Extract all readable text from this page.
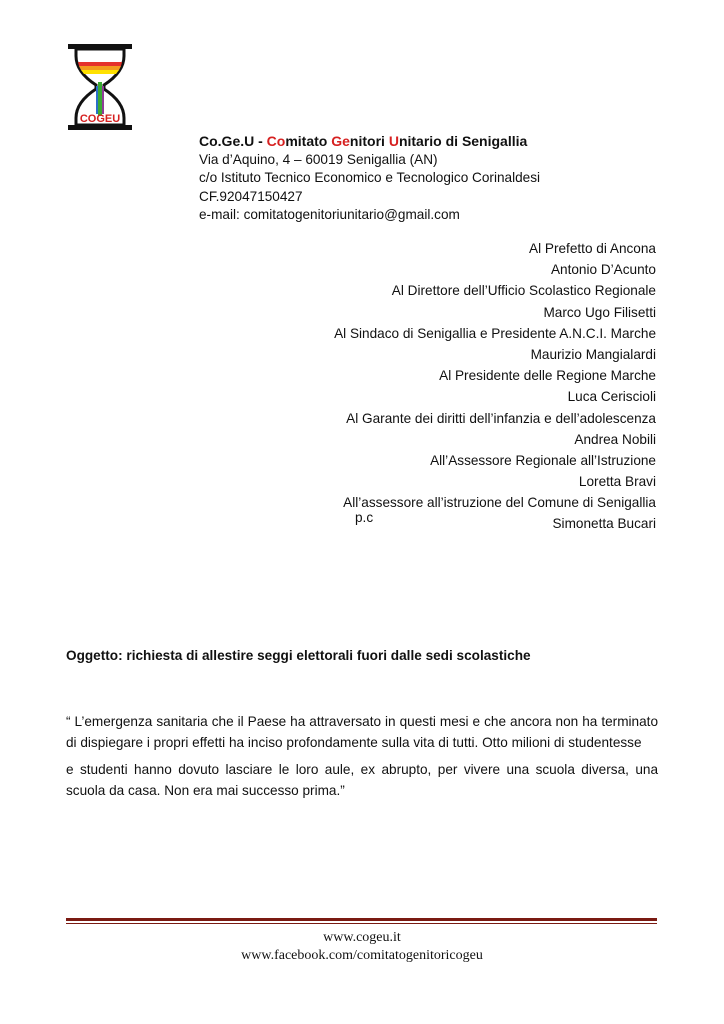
COGEU
Co.Ge.U - Comitato Genitori Unitario di Senigallia
Via d’Aquino, 4 – 60019 Senigallia (AN)
c/o Istituto Tecnico Economico e Tecnologico Corinaldesi
CF.92047150427
e-mail: comitatogenitoriunitario@gmail.com
Al Prefetto di Ancona
Antonio D’Acunto
Al Direttore dell’Ufficio Scolastico Regionale
Marco Ugo Filisetti
Al Sindaco di Senigallia e Presidente A.N.C.I. Marche
Maurizio Mangialardi
Al Presidente delle Regione Marche
Luca Ceriscioli
Al Garante dei diritti dell’infanzia e dell’adolescenza
Andrea Nobili
All’Assessore Regionale all’Istruzione
Loretta Bravi
All’assessore all’istruzione del Comune di Senigallia
Simonetta Bucari
p.c
Oggetto: richiesta di allestire seggi elettorali fuori dalle sedi scolastiche

“ L’emergenza sanitaria che il Paese ha attraversato in questi mesi e che ancora non ha terminato di dispiegare i propri effetti ha inciso profondamente sulla vita di tutti. Otto milioni di studentesse

e studenti hanno dovuto lasciare le loro aule, ex abrupto, per vivere una scuola diversa, una scuola da casa. Non era mai successo prima.”

www.cogeu.it
www.facebook.com/comitatogenitoricogeu
